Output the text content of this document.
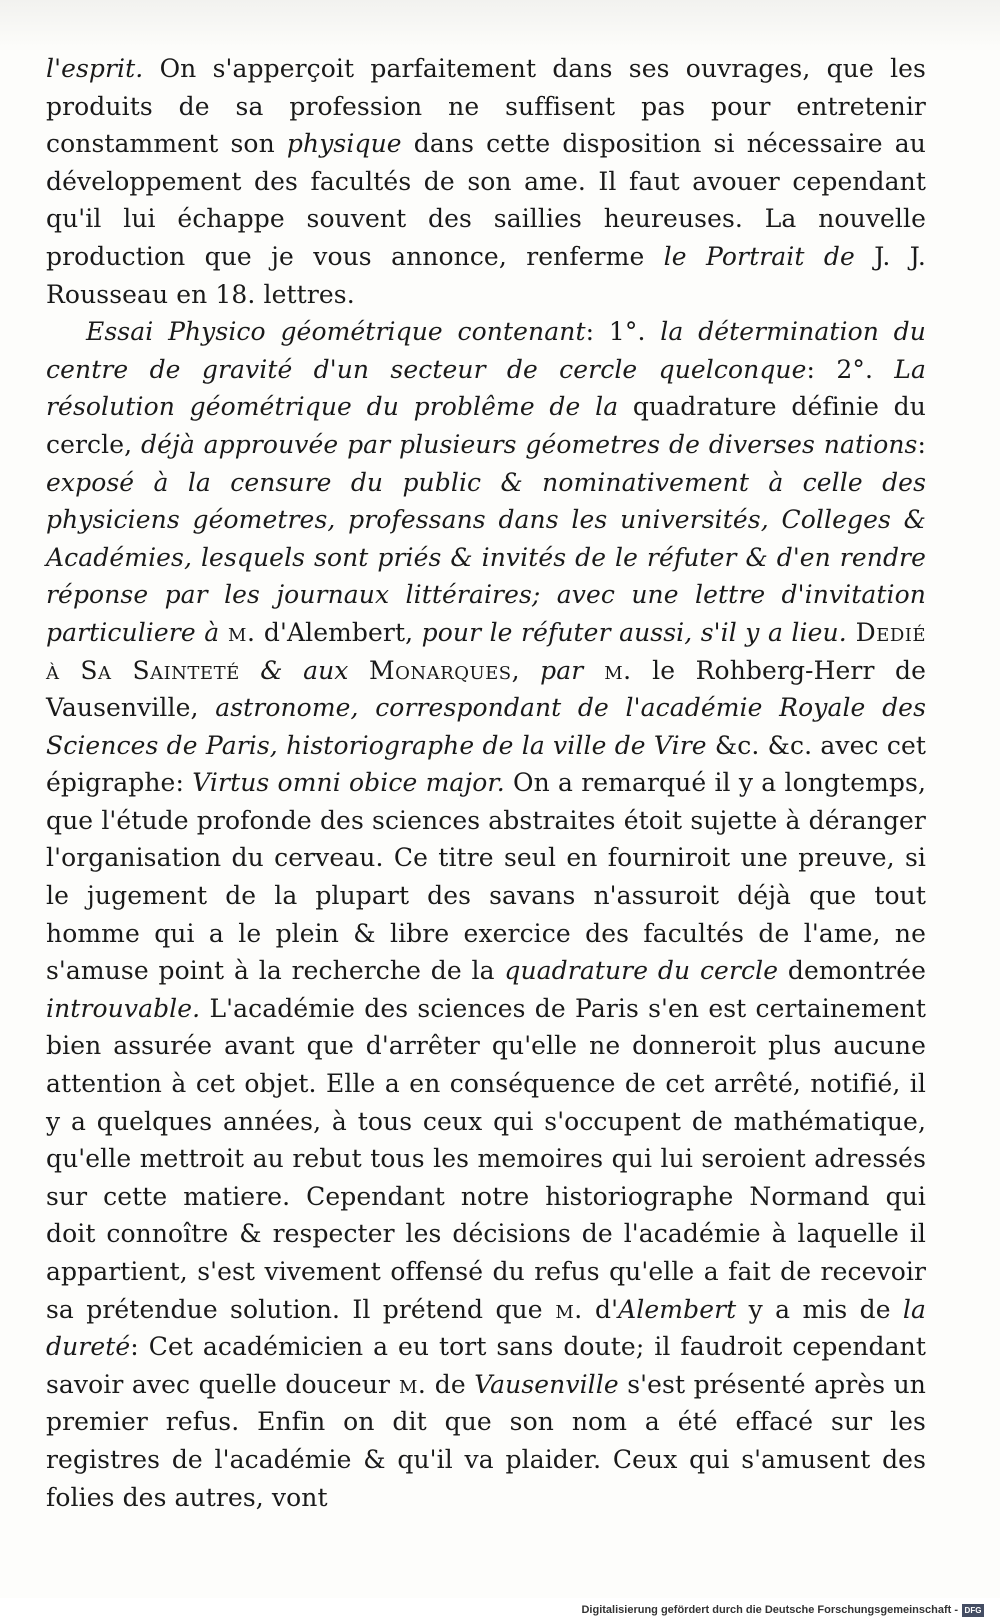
l'esprit. On s'apperçoit parfaitement dans ses ouvrages, que les produits de sa profession ne suffisent pas pour entretenir constamment son physique dans cette disposition si nécessaire au développement des facultés de son ame. Il faut avouer cependant qu'il lui échappe souvent des saillies heureuses. La nouvelle production que je vous annonce, renferme le Portrait de J. J. Rousseau en 18. lettres.

Essai Physico géométrique contenant: 1°. la détermination du centre de gravité d'un secteur de cercle quelconque: 2°. La résolution géométrique du problême de la quadrature définie du cercle, déjà approuvée par plusieurs géometres de diverses nations: exposé à la censure du public & nominativement à celle des physiciens géometres, professans dans les universités, Colleges & Académies, lesquels sont priés & invités de le réfuter & d'en rendre réponse par les journaux littéraires; avec une lettre d'invitation particuliere à m. d'Alembert, pour le réfuter aussi, s'il y a lieu. Dedié à Sa Sainteté & aux Monarques, par m. le Rohberg-Herr de Vausenville, astronome, correspondant de l'académie Royale des Sciences de Paris, historiographe de la ville de Vire &c. &c. avec cet épigraphe: Virtus omni obice major. On a remarqué il y a longtemps, que l'étude profonde des sciences abstraites étoit sujette à déranger l'organisation du cerveau. Ce titre seul en fourniroit une preuve, si le jugement de la plupart des savans n'assuroit déjà que tout homme qui a le plein & libre exercice des facultés de l'ame, ne s'amuse point à la recherche de la quadrature du cercle demontrée introuvable. L'académie des sciences de Paris s'en est certainement bien assurée avant que d'arrêter qu'elle ne donneroit plus aucune attention à cet objet. Elle a en conséquence de cet arrêté, notifié, il y a quelques années, à tous ceux qui s'occupent de mathématique, qu'elle mettroit au rebut tous les memoires qui lui seroient adressés sur cette matiere. Cependant notre historiographe Normand qui doit connoître & respecter les décisions de l'académie à laquelle il appartient, s'est vivement offensé du refus qu'elle a fait de recevoir sa prétendue solution. Il prétend que m. d'Alembert y a mis de la dureté: Cet académicien a eu tort sans doute; il faudroit cependant savoir avec quelle douceur m. de Vausenville s'est présenté après un premier refus. Enfin on dit que son nom a été effacé sur les registres de l'académie & qu'il va plaider. Ceux qui s'amusent des folies des autres, vont

Digitalisierung gefördert durch die Deutsche Forschungsgemeinschaft - DFG
